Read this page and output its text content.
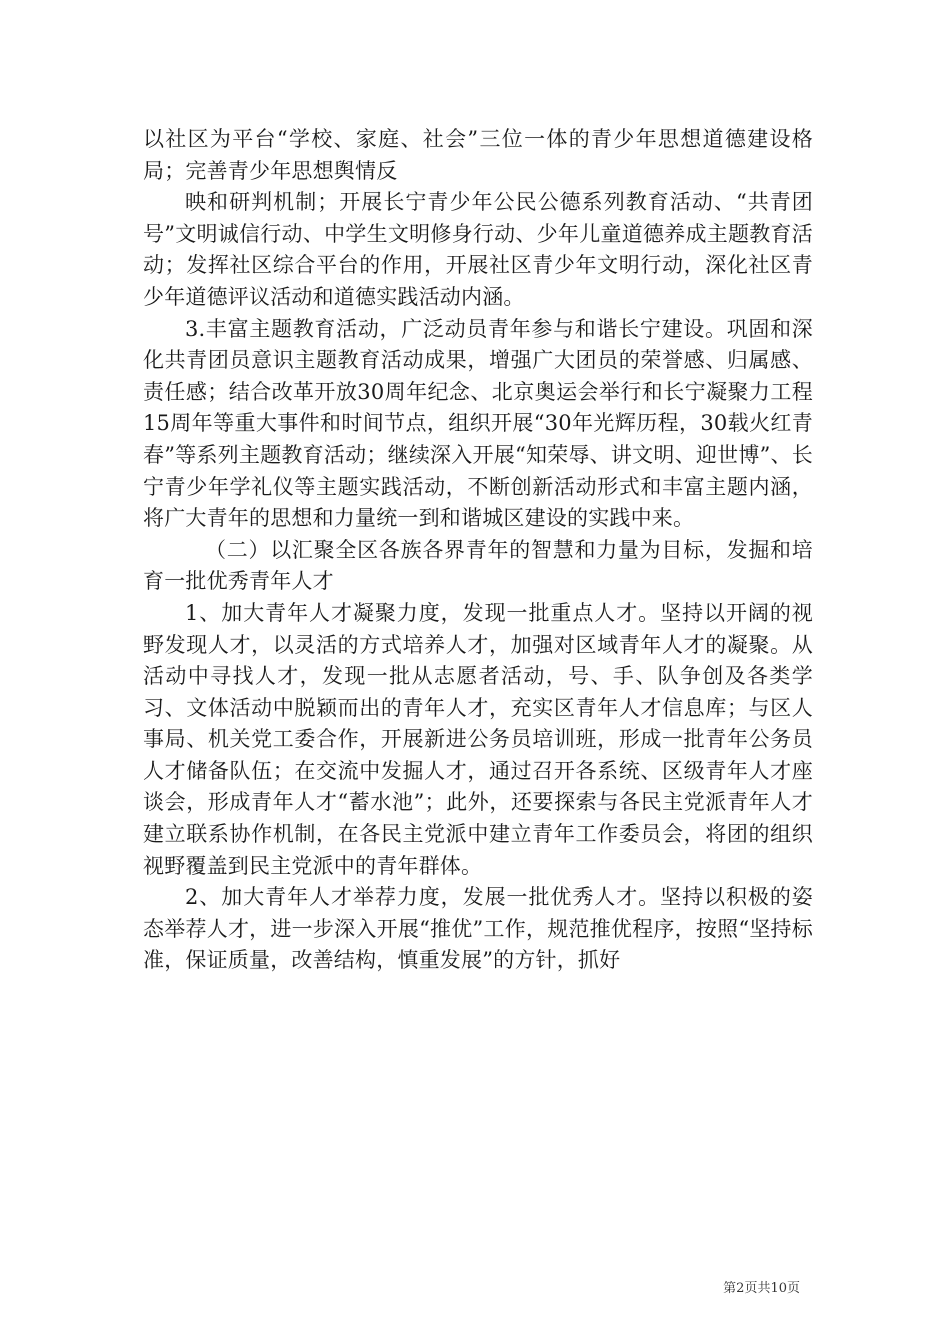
以社区为平台“学校、家庭、社会”三位一体的青少年思想道德建设格局；完善青少年思想舆情反

映和研判机制；开展长宁青少年公民公德系列教育活动、“共青团号”文明诚信行动、中学生文明修身行动、少年儿童道德养成主题教育活动；发挥社区综合平台的作用，开展社区青少年文明行动，深化社区青少年道德评议活动和道德实践活动内涵。

3.丰富主题教育活动，广泛动员青年参与和谐长宁建设。巩固和深化共青团员意识主题教育活动成果，增强广大团员的荣誉感、归属感、责任感；结合改革开放30周年纪念、北京奥运会举行和长宁凝聚力工程15周年等重大事件和时间节点，组织开展“30年光辉历程，30载火红青春”等系列主题教育活动；继续深入开展“知荣辱、讲文明、迎世博”、长宁青少年学礼仪等主题实践活动，不断创新活动形式和丰富主题内涵，将广大青年的思想和力量统一到和谐城区建设的实践中来。

（二）以汇聚全区各族各界青年的智慧和力量为目标，发掘和培育一批优秀青年人才

1、加大青年人才凝聚力度，发现一批重点人才。坚持以开阔的视野发现人才，以灵活的方式培养人才，加强对区域青年人才的凝聚。从活动中寻找人才，发现一批从志愿者活动，号、手、队争创及各类学习、文体活动中脱颖而出的青年人才，充实区青年人才信息库；与区人事局、机关党工委合作，开展新进公务员培训班，形成一批青年公务员人才储备队伍；在交流中发掘人才，通过召开各系统、区级青年人才座谈会，形成青年人才“蓄水池”；此外，还要探索与各民主党派青年人才建立联系协作机制，在各民主党派中建立青年工作委员会，将团的组织视野覆盖到民主党派中的青年群体。

2、加大青年人才举荐力度，发展一批优秀人才。坚持以积极的姿态举荐人才，进一步深入开展“推优”工作，规范推优程序，按照“坚持标准，保证质量，改善结构，慎重发展”的方针，抓好

第2页共10页
